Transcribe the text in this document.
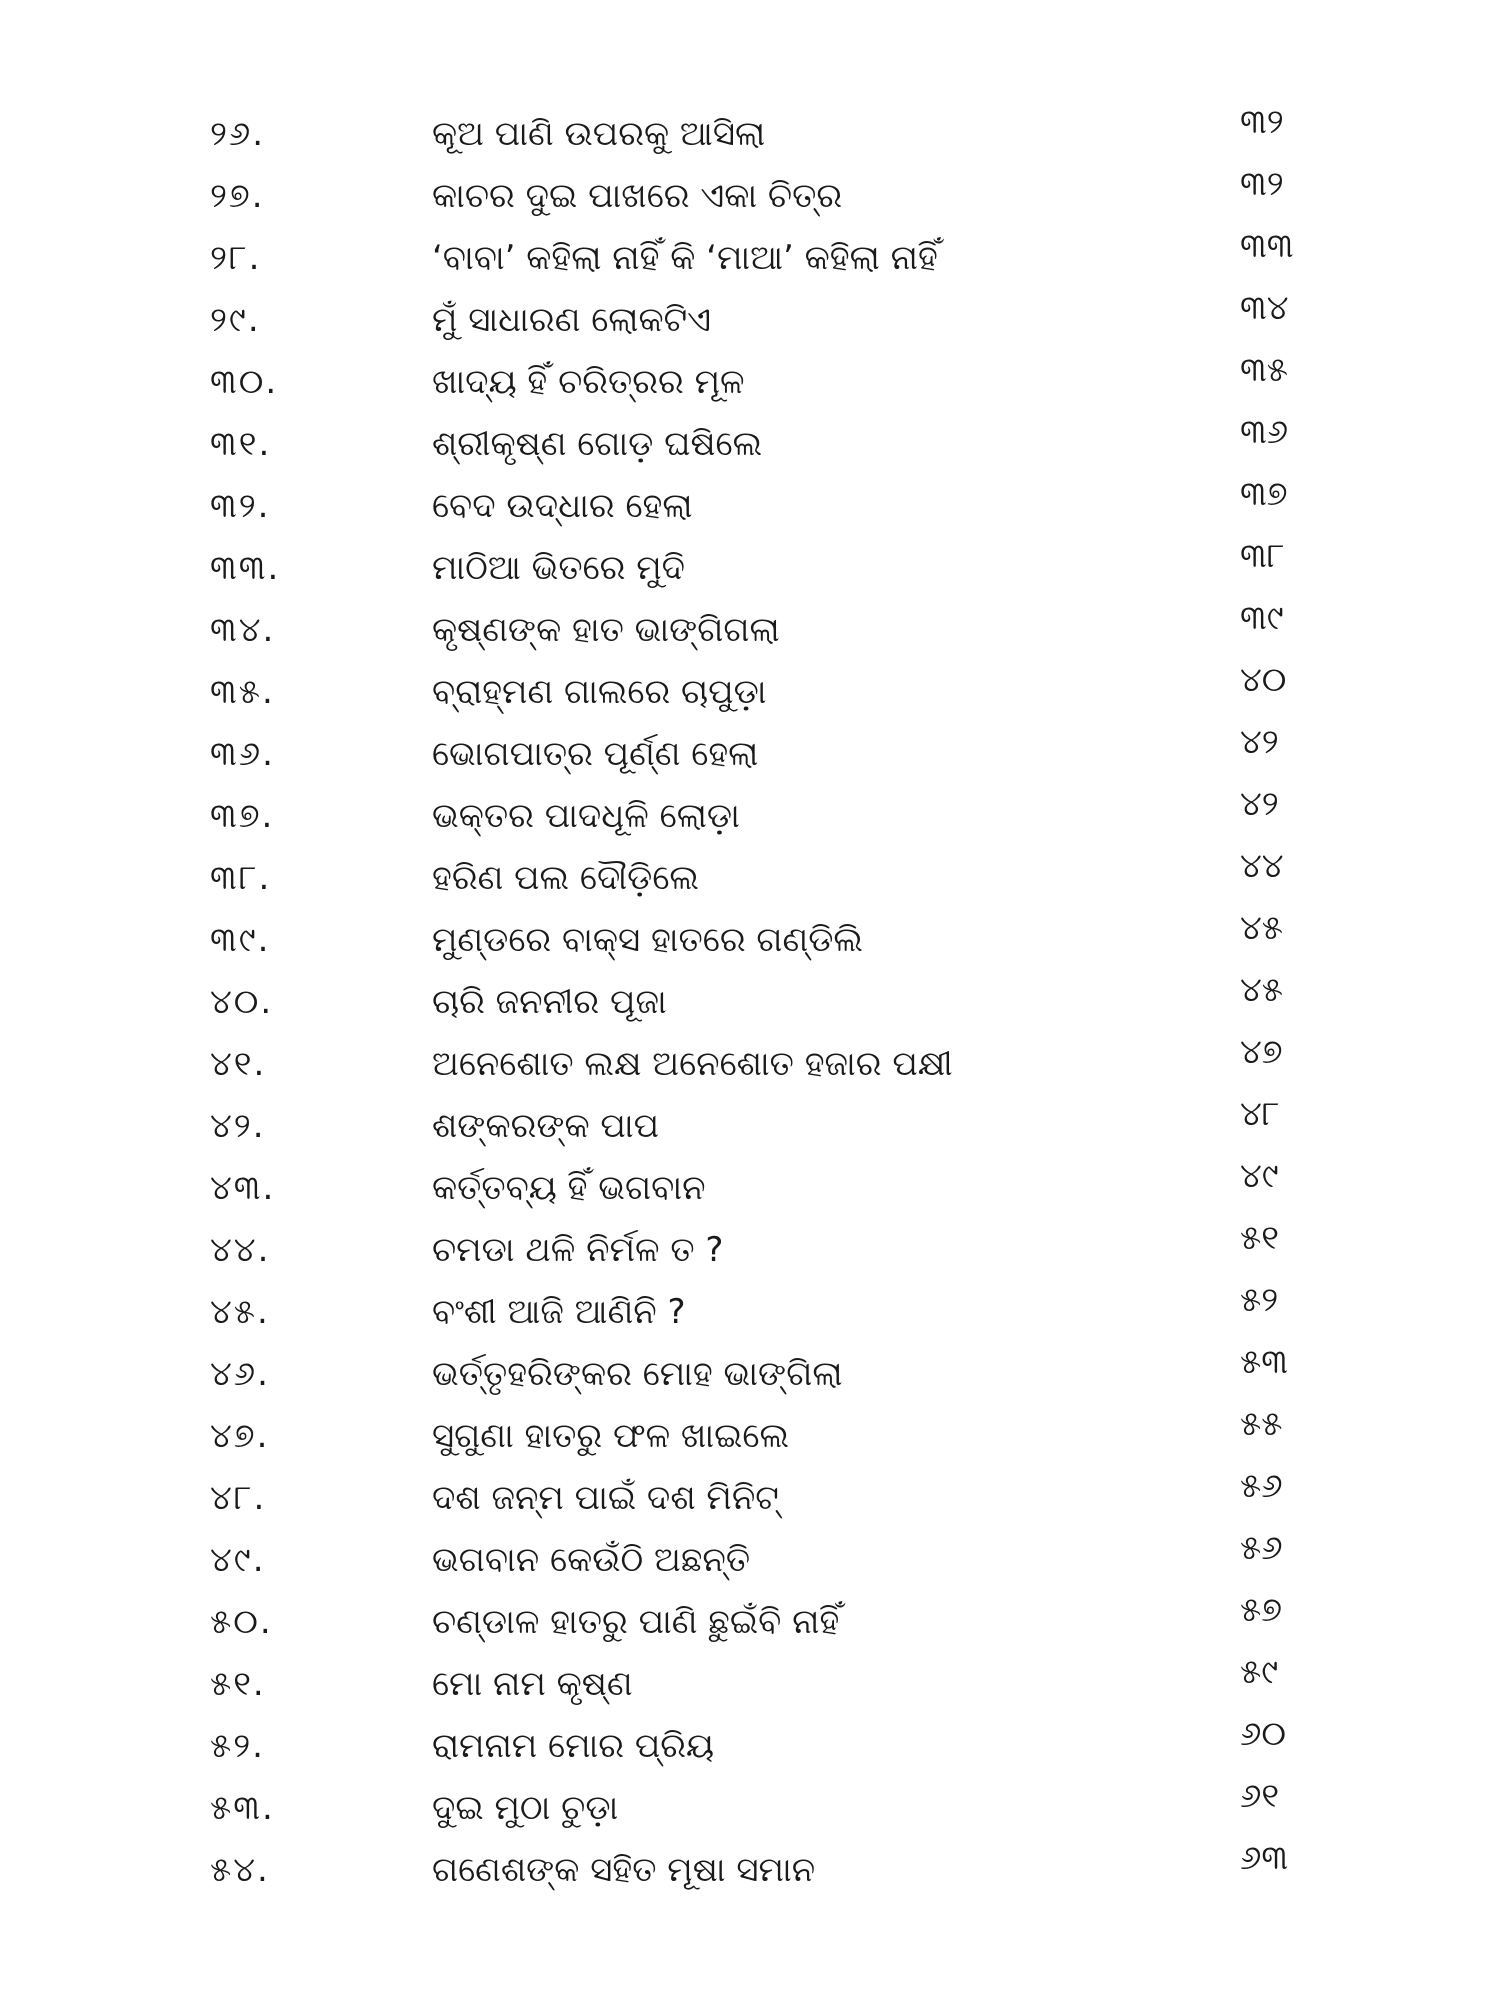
୨୬.	କୂଅ ପାଣି ଉପରକୁ ଆସିଲା	୩୨
୨୭.	କାଚର ଦୁଇ ପାଖରେ ଏକା ଚିତ୍ର	୩୨
୨୮.	‘ବାବା’ କହିଲା ନାହିଁ କି ‘ମାଆ’ କହିଲା ନାହିଁ	୩୩
୨୯.	ମୁଁ ସାଧାରଣ ଲୋକଟିଏ	୩୪
୩୦.	ଖାଦ୍ୟ ହିଁ ଚରିତ୍ରର ମୂଳ	୩୫
୩୧.	ଶ୍ରୀକୃଷ୍ଣ ଗୋଡ଼ ଘଷିଲେ	୩୬
୩୨.	ବେଦ ଉଦ୍ଧାର ହେଲା	୩୭
୩୩.	ମାଠିଆ ଭିତରେ ମୁଦି	୩୮
୩୪.	କୃଷ୍ଣଙ୍କ ହାତ ଭାଙ୍ଗିଗଲା	୩୯
୩୫.	ବ୍ରାହ୍ମଣ ଗାଲରେ ଚାପୁଡ଼ା	୪୦
୩୬.	ଭୋଗପାତ୍ର ପୂର୍ଣ୍ଣ ହେଲା	୪୨
୩୭.	ଭକ୍ତର ପାଦଧୂଳି ଲୋଡ଼ା	୪୨
୩୮.	ହରିଣ ପଲ ଦୌଡ଼ିଲେ	୪୪
୩୯.	ମୁଣ୍ଡରେ ବାକ୍ସ ହାତରେ ଗଣ୍ଡିଲି	୪୫
୪୦.	ଚାରି ଜନନୀର ପୂଜା	୪୫
୪୧.	ଅନେଶୋତ ଲକ୍ଷ ଅନେଶୋତ ହଜାର ପକ୍ଷୀ	୪୭
୪୨.	ଶଙ୍କରଙ୍କ ପାପ	୪୮
୪୩.	କର୍ତ୍ତବ୍ୟ ହିଁ ଭଗବାନ	୪୯
୪୪.	ଚମଡା ଥଳି ନିର୍ମଳ ତ ?	୫୧
୪୫.	ବଂଶୀ ଆଜି ଆଣିନି ?	୫୨
୪୬.	ଭର୍ତ୍ତୃହରିଙ୍କର ମୋହ ଭାଙ୍ଗିଲା	୫୩
୪୭.	ସୁଗୁଣା ହାତରୁ ଫଳ ଖାଇଲେ	୫୫
୪୮.	ଦଶ ଜନ୍ମ ପାଇଁ ଦଶ ମିନିଟ୍	୫୬
୪୯.	ଭଗବାନ କେଉଁଠି ଅଛନ୍ତି	୫୬
୫୦.	ଚଣ୍ଡାଳ ହାତରୁ ପାଣି ଛୁଇଁବି ନାହିଁ	୫୭
୫୧.	ମୋ ନାମ କୃଷ୍ଣ	୫୯
୫୨.	ରାମନାମ ମୋର ପ୍ରିୟ	୬୦
୫୩.	ଦୁଇ ମୁଠା ଚୁଡ଼ା	୬୧
୫୪.	ଗଣେଶଙ୍କ ସହିତ ମୂଷା ସମାନ	୬୩
